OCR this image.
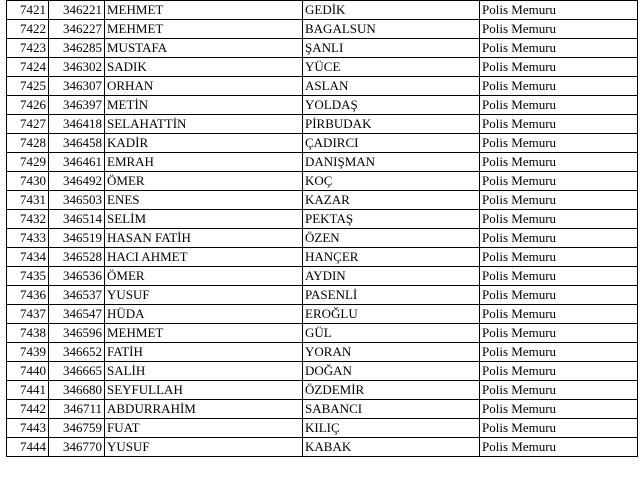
7421	346221	MEHMET	GEDİK	Polis Memuru
7422	346227	MEHMET	BAGALSUN	Polis Memuru
7423	346285	MUSTAFA	ŞANLI	Polis Memuru
7424	346302	SADIK	YÜCE	Polis Memuru
7425	346307	ORHAN	ASLAN	Polis Memuru
7426	346397	METİN	YOLDAŞ	Polis Memuru
7427	346418	SELAHATTİN	PİRBUDAK	Polis Memuru
7428	346458	KADİR	ÇADIRCI	Polis Memuru
7429	346461	EMRAH	DANIŞMAN	Polis Memuru
7430	346492	ÖMER	KOÇ	Polis Memuru
7431	346503	ENES	KAZAR	Polis Memuru
7432	346514	SELİM	PEKTAŞ	Polis Memuru
7433	346519	HASAN FATİH	ÖZEN	Polis Memuru
7434	346528	HACI AHMET	HANÇER	Polis Memuru
7435	346536	ÖMER	AYDIN	Polis Memuru
7436	346537	YUSUF	PASENLİ	Polis Memuru
7437	346547	HÜDA	EROĞLU	Polis Memuru
7438	346596	MEHMET	GÜL	Polis Memuru
7439	346652	FATİH	YORAN	Polis Memuru
7440	346665	SALİH	DOĞAN	Polis Memuru
7441	346680	SEYFULLAH	ÖZDEMİR	Polis Memuru
7442	346711	ABDURRAHİM	SABANCI	Polis Memuru
7443	346759	FUAT	KILIÇ	Polis Memuru
7444	346770	YUSUF	KABAK	Polis Memuru
